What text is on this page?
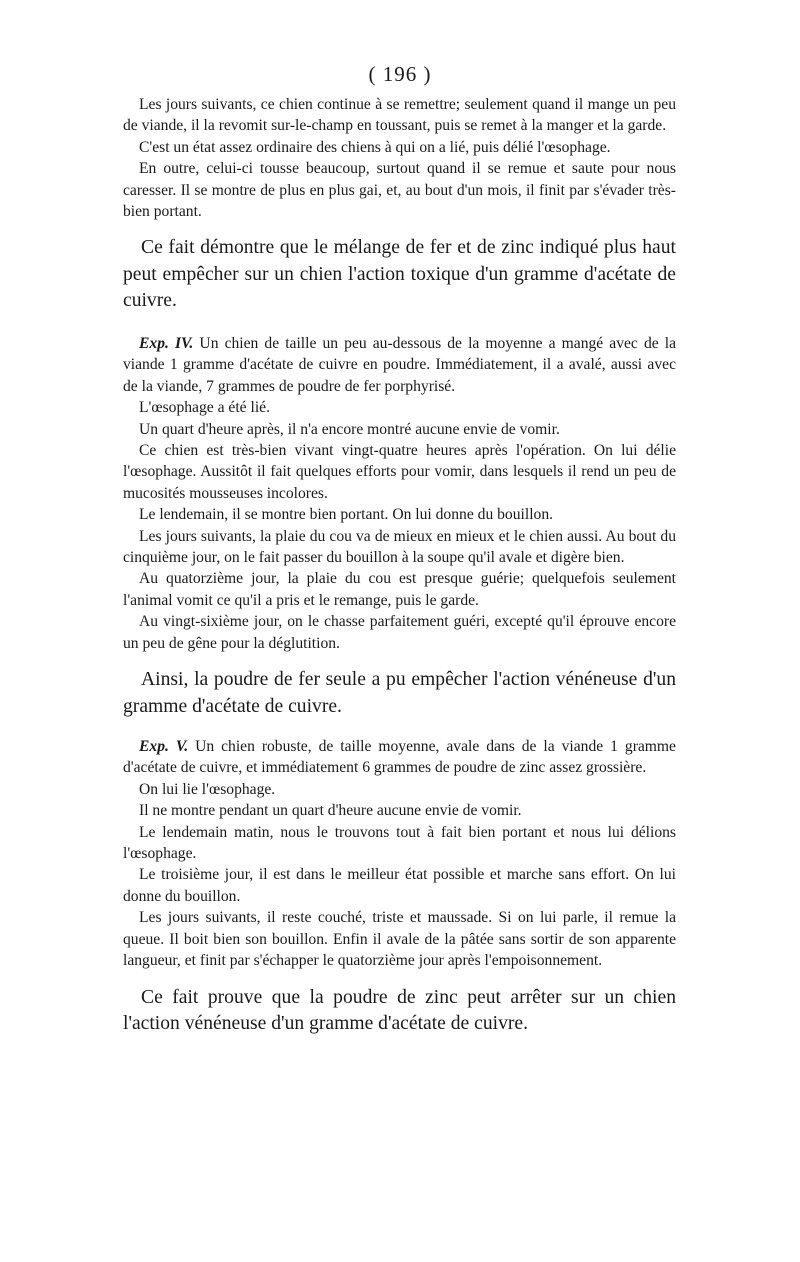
( 196 )

Les jours suivants, ce chien continue à se remettre; seulement quand il mange un peu de viande, il la revomit sur-le-champ en toussant, puis se remet à la manger et la garde.

C'est un état assez ordinaire des chiens à qui on a lié, puis délié l'œsophage.

En outre, celui-ci tousse beaucoup, surtout quand il se remue et saute pour nous caresser. Il se montre de plus en plus gai, et, au bout d'un mois, il finit par s'évader très-bien portant.

Ce fait démontre que le mélange de fer et de zinc indiqué plus haut peut empêcher sur un chien l'action toxique d'un gramme d'acétate de cuivre.

Exp. IV. Un chien de taille un peu au-dessous de la moyenne a mangé avec de la viande 1 gramme d'acétate de cuivre en poudre. Immédiatement, il a avalé, aussi avec de la viande, 7 grammes de poudre de fer porphyrisé.

L'œsophage a été lié.

Un quart d'heure après, il n'a encore montré aucune envie de vomir.

Ce chien est très-bien vivant vingt-quatre heures après l'opération. On lui délie l'œsophage. Aussitôt il fait quelques efforts pour vomir, dans lesquels il rend un peu de mucosités mousseuses incolores.

Le lendemain, il se montre bien portant. On lui donne du bouillon.

Les jours suivants, la plaie du cou va de mieux en mieux et le chien aussi. Au bout du cinquième jour, on le fait passer du bouillon à la soupe qu'il avale et digère bien.

Au quatorzième jour, la plaie du cou est presque guérie; quelquefois seulement l'animal vomit ce qu'il a pris et le remange, puis le garde.

Au vingt-sixième jour, on le chasse parfaitement guéri, excepté qu'il éprouve encore un peu de gêne pour la déglutition.

Ainsi, la poudre de fer seule a pu empêcher l'action vénéneuse d'un gramme d'acétate de cuivre.

Exp. V. Un chien robuste, de taille moyenne, avale dans de la viande 1 gramme d'acétate de cuivre, et immédiatement 6 grammes de poudre de zinc assez grossière.

On lui lie l'œsophage.

Il ne montre pendant un quart d'heure aucune envie de vomir.

Le lendemain matin, nous le trouvons tout à fait bien portant et nous lui délions l'œsophage.

Le troisième jour, il est dans le meilleur état possible et marche sans effort. On lui donne du bouillon.

Les jours suivants, il reste couché, triste et maussade. Si on lui parle, il remue la queue. Il boit bien son bouillon. Enfin il avale de la pâtée sans sortir de son apparente langueur, et finit par s'échapper le quatorzième jour après l'empoisonnement.

Ce fait prouve que la poudre de zinc peut arrêter sur un chien l'action vénéneuse d'un gramme d'acétate de cuivre.
